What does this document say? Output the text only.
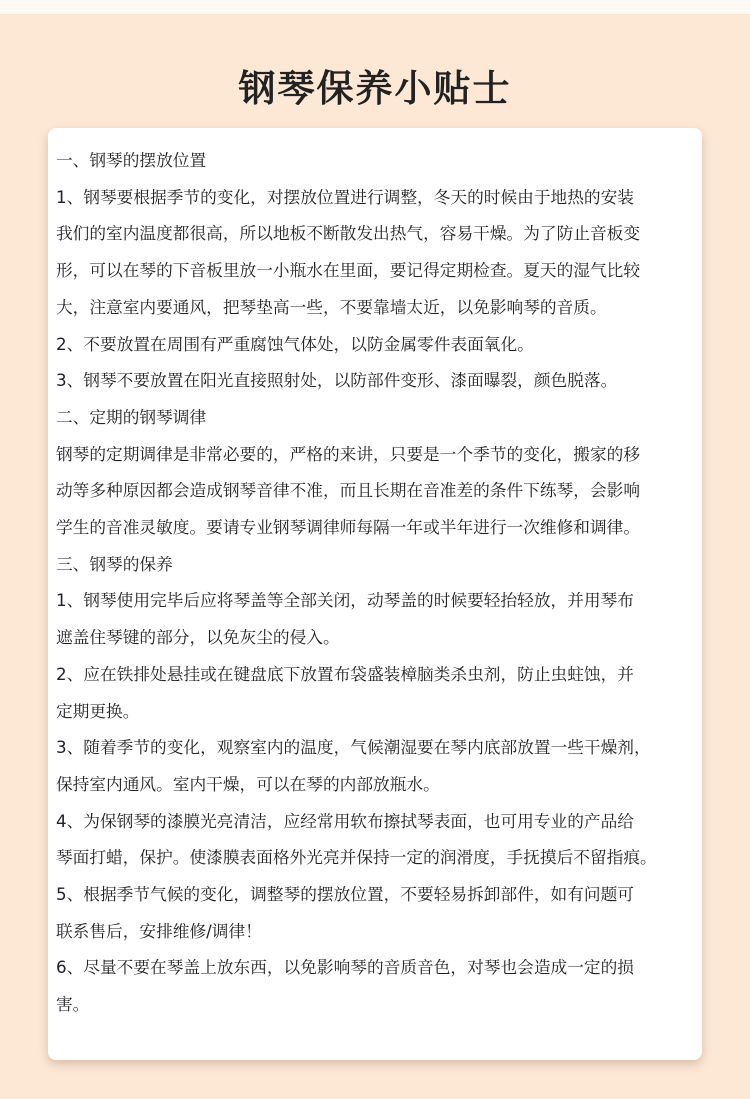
钢琴保养小贴士
一、钢琴的摆放位置
1、钢琴要根据季节的变化，对摆放位置进行调整，冬天的时候由于地热的安装
我们的室内温度都很高，所以地板不断散发出热气，容易干燥。为了防止音板变
形，可以在琴的下音板里放一小瓶水在里面，要记得定期检查。夏天的湿气比较
大，注意室内要通风，把琴垫高一些，不要靠墙太近，以免影响琴的音质。
2、不要放置在周围有严重腐蚀气体处，以防金属零件表面氧化。
3、钢琴不要放置在阳光直接照射处，以防部件变形、漆面曝裂，颜色脱落。
二、定期的钢琴调律
钢琴的定期调律是非常必要的，严格的来讲，只要是一个季节的变化，搬家的移
动等多种原因都会造成钢琴音律不准，而且长期在音准差的条件下练琴，会影响
学生的音准灵敏度。要请专业钢琴调律师每隔一年或半年进行一次维修和调律。
三、钢琴的保养
1、钢琴使用完毕后应将琴盖等全部关闭，动琴盖的时候要轻抬轻放，并用琴布
遮盖住琴键的部分，以免灰尘的侵入。
2、应在铁排处悬挂或在键盘底下放置布袋盛装樟脑类杀虫剂，防止虫蛀蚀，并
定期更换。
3、随着季节的变化，观察室内的温度，气候潮湿要在琴内底部放置一些干燥剂，
保持室内通风。室内干燥，可以在琴的内部放瓶水。
4、为保钢琴的漆膜光亮清洁，应经常用软布擦拭琴表面，也可用专业的产品给
琴面打蜡，保护。使漆膜表面格外光亮并保持一定的润滑度，手抚摸后不留指痕。
5、根据季节气候的变化，调整琴的摆放位置，不要轻易拆卸部件，如有问题可
联系售后，安排维修/调律！
6、尽量不要在琴盖上放东西，以免影响琴的音质音色，对琴也会造成一定的损
害。
